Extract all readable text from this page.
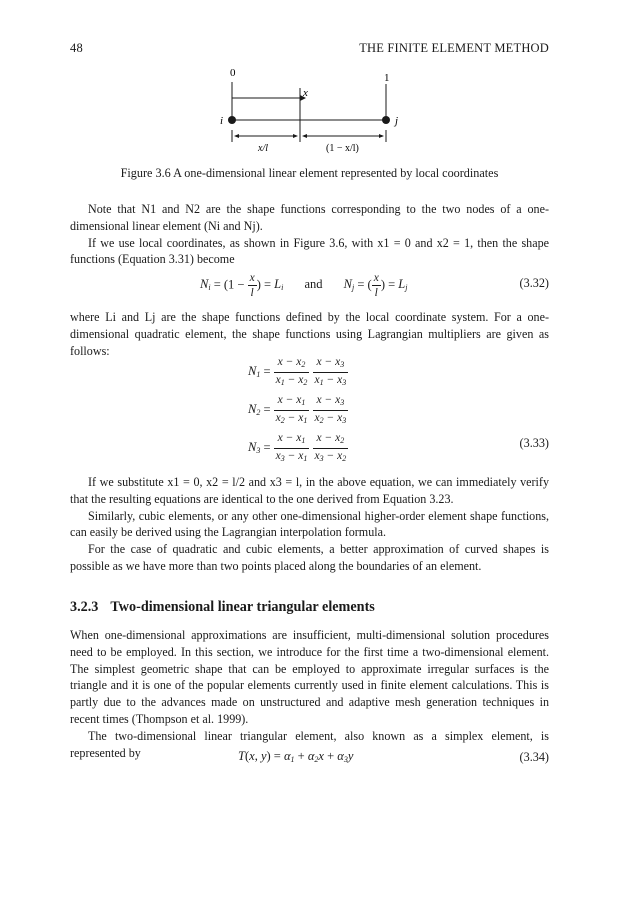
48	THE FINITE ELEMENT METHOD
0	1
x
i	j
x/l	(1 − x/l)
Figure 3.6 A one-dimensional linear element represented by local coordinates

Note that N1 and N2 are the shape functions corresponding to the two nodes of a one-dimensional linear element (Ni and Nj).

If we use local coordinates, as shown in Figure 3.6, with x1 = 0 and x2 = 1, then the shape functions (Equation 3.31) become

$N_i = (1 - \frac{x}{l}$ ) = $L_i$ and $N_j$ = ( $\frac{x}{l}$ ) = $L_j$	(3.32)

where Li and Lj are the shape functions defined by the local coordinate system. For a one-dimensional quadratic element, the shape functions using Lagrangian multipliers are given as follows:

$N_1 = \frac{x - x_2}{x_1 - x_2}$
$\frac{x - x_3}{x_1 - x_3}$
$N_2 = \frac{x - x_1}{x_2 - x_1}$
$\frac{x - x_3}{x_2 - x_3}$
$N_3 = \frac{x - x_1}{x_3 - x_1}$
$\frac{x - x_2}{x_3 - x_2}$	(3.33)

If we substitute x1 = 0, x2 = l/2 and x3 = l, in the above equation, we can immediately verify that the resulting equations are identical to the one derived from Equation 3.23.

Similarly, cubic elements, or any other one-dimensional higher-order element shape functions, can easily be derived using the Lagrangian interpolation formula.

For the case of quadratic and cubic elements, a better approximation of curved shapes is possible as we have more than two points placed along the boundaries of an element.

3.2.3 Two-dimensional linear triangular elements

When one-dimensional approximations are insufficient, multi-dimensional solution procedures need to be employed. In this section, we introduce for the first time a two-dimensional element. The simplest geometric shape that can be employed to approximate irregular surfaces is the triangle and it is one of the popular elements currently used in finite element calculations. This is partly due to the advances made on unstructured and adaptive mesh generation techniques in recent times (Thompson et al. 1999).

The two-dimensional linear triangular element, also known as a simplex element, is represented by	T(x, $y) = \alpha_1 + \alpha_2x + \alpha_3y$	(3.34)
